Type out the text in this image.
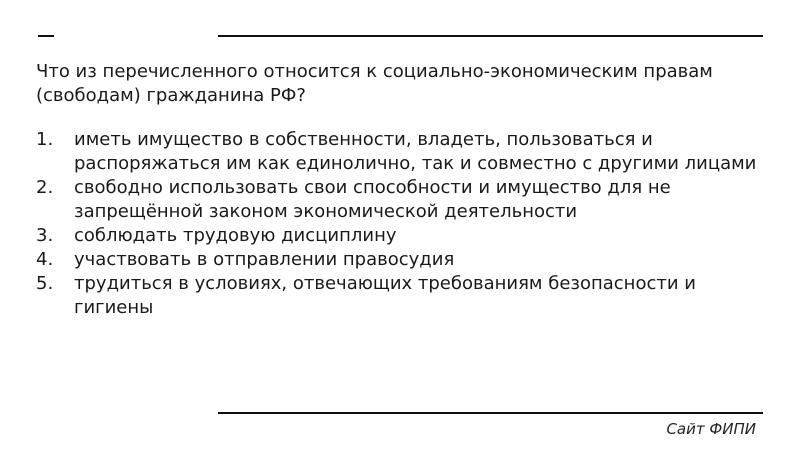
Что из перечисленного относится к социально-экономическим правам (свободам) гражданина РФ?

1.	иметь имущество в собственности, владеть, пользоваться и распоряжаться им как единолично, так и совместно с другими лицами
2.	свободно использовать свои способности и имущество для не запрещённой законом экономической деятельности
3.	соблюдать трудовую дисциплину
4.	участвовать в отправлении правосудия
5.	трудиться в условиях, отвечающих требованиям безопасности и гигиены
Сайт ФИПИ
